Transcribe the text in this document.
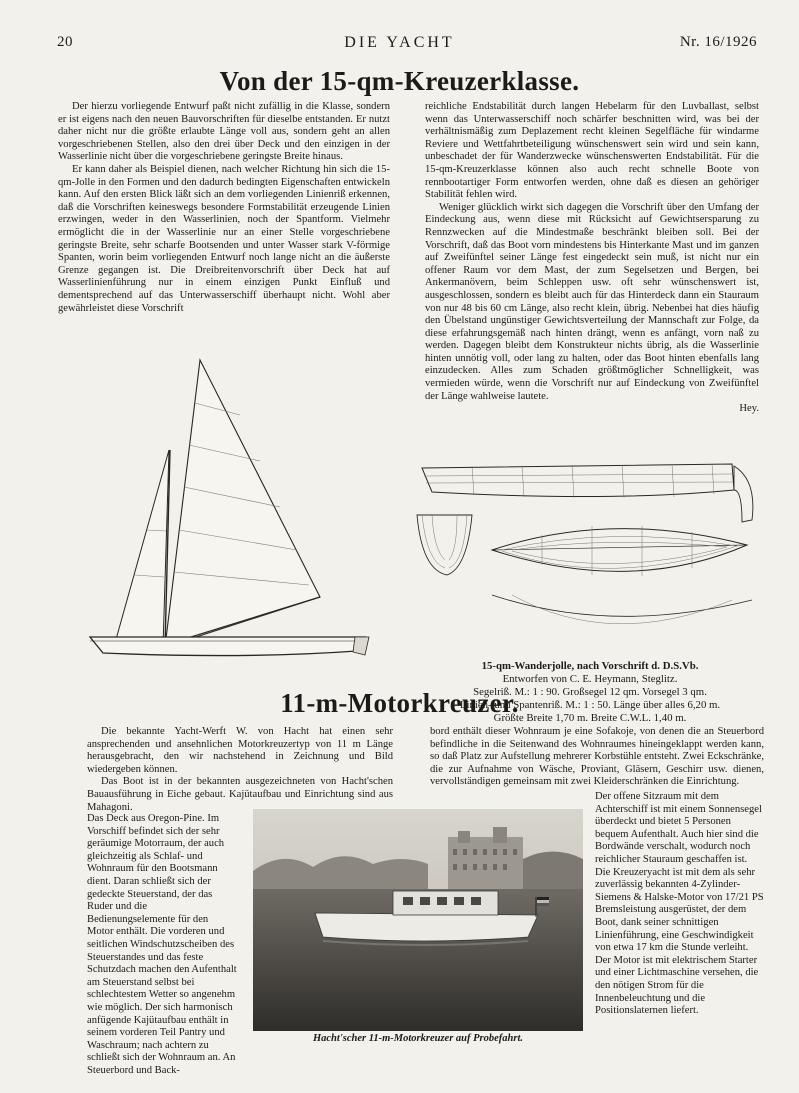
20	DIE YACHT	Nr. 16/1926
Von der 15-qm-Kreuzerklasse.

Der hierzu vorliegende Entwurf paßt nicht zufällig in die Klasse, sondern er ist eigens nach den neuen Bauvorschriften für dieselbe entstanden. Er nutzt daher nicht nur die größte erlaubte Länge voll aus, sondern geht an allen vorgeschriebenen Stellen, also den drei über Deck und den einzigen in der Wasserlinie nicht über die vorgeschriebene geringste Breite hinaus.

Er kann daher als Beispiel dienen, nach welcher Richtung hin sich die 15-qm-Jolle in den Formen und den dadurch bedingten Eigenschaften entwickeln kann. Auf den ersten Blick läßt sich an dem vorliegenden Linienriß erkennen, daß die Vorschriften keineswegs besondere Formstabilität erzeugende Linien erzwingen, weder in den Wasserlinien, noch der Spantform. Vielmehr ermöglicht die in der Wasserlinie nur an einer Stelle vorgeschriebene geringste Breite, sehr scharfe Bootsenden und unter Wasser stark V-förmige Spanten, worin beim vorliegenden Entwurf noch lange nicht an die äußerste Grenze gegangen ist. Die Dreibreitenvorschrift über Deck hat auf Wasserlinienführung nur in einem einzigen Punkt Einfluß und dementsprechend auf das Unterwasserschiff überhaupt nicht. Wohl aber gewährleistet diese Vorschrift

reichliche Endstabilität durch langen Hebelarm für den Luvballast, selbst wenn das Unterwasserschiff noch schärfer beschnitten wird, was bei der verhältnismäßig zum Deplazement recht kleinen Segelfläche für windarme Reviere und Wettfahrtbeteiligung wünschenswert sein wird und sein kann, unbeschadet der für Wanderzwecke wünschenswerten Endstabilität. Für die 15-qm-Kreuzerklasse können also auch recht schnelle Boote von rennbootartiger Form entworfen werden, ohne daß es diesen an gehöriger Stabilität fehlen wird.

Weniger glücklich wirkt sich dagegen die Vorschrift über den Umfang der Eindeckung aus, wenn diese mit Rücksicht auf Gewichtsersparung zu Rennzwecken auf die Mindestmaße beschränkt bleiben soll. Bei der Vorschrift, daß das Boot vorn mindestens bis Hinterkante Mast und im ganzen auf Zweifünftel seiner Länge fest eingedeckt sein muß, ist nicht nur ein offener Raum vor dem Mast, der zum Segelsetzen und Bergen, bei Ankermanövern, beim Schleppen usw. oft sehr wünschenswert ist, ausgeschlossen, sondern es bleibt auch für das Hinterdeck dann ein Stauraum von nur 48 bis 60 cm Länge, also recht klein, übrig. Nebenbei hat dies häufig den Übelstand ungünstiger Gewichtsverteilung der Mannschaft zur Folge, da diese erfahrungsgemäß nach hinten drängt, wenn es anfängt, vorn naß zu werden. Dagegen bleibt dem Konstrukteur nichts übrig, als die Wasserlinie hinten unnötig voll, oder lang zu halten, oder das Boot hinten ebenfalls lang einzudecken. Alles zum Schaden größtmöglicher Schnelligkeit, was vermieden würde, wenn die Vorschrift nur auf Eindeckung von Zweifünftel der Länge wahlweise lautete.

Hey.
15-qm-Wanderjolle, nach Vorschrift d. D.S.Vb.
Entworfen von C. E. Heymann, Steglitz.
Segelriß. M.: 1 : 90. Großsegel 12 qm. Vorsegel 3 qm.
Linien- und Spantenriß. M.: 1 : 50. Länge über alles 6,20 m.
Größte Breite 1,70 m. Breite C.W.L. 1,40 m.
11-m-Motorkreuzer.

Die bekannte Yacht-Werft W. von Hacht hat einen sehr ansprechenden und ansehnlichen Motorkreuzertyp von 11 m Länge herausgebracht, den wir nachstehend in Zeichnung und Bild wiedergeben können.

Das Boot ist in der bekannten ausgezeichneten von Hacht'schen Bauausführung in Eiche gebaut. Kajütaufbau und Einrichtung sind aus Mahagoni.

Das Deck aus Oregon-Pine. Im Vorschiff befindet sich der sehr geräumige Motorraum, der auch gleichzeitig als Schlaf- und Wohnraum für den Bootsmann dient. Daran schließt sich der gedeckte Steuerstand, der das Ruder und die Bedienungselemente für den Motor enthält. Die vorderen und seitlichen Windschutzscheiben des Steuerstandes und das feste Schutzdach machen den Aufenthalt am Steuerstand selbst bei schlechtestem Wetter so angenehm wie möglich. Der sich harmonisch anfügende Kajütaufbau enthält in seinem vorderen Teil Pantry und Waschraum; nach achtern zu schließt sich der Wohnraum an. An Steuerbord und Back-

bord enthält dieser Wohnraum je eine Sofakoje, von denen die an Steuerbord befindliche in die Seitenwand des Wohnraumes hineingeklappt werden kann, so daß Platz zur Aufstellung mehrerer Korbstühle entsteht. Zwei Eckschränke, die zur Aufnahme von Wäsche, Proviant, Gläsern, Geschirr usw. dienen, vervollständigen gemeinsam mit zwei Kleiderschränken die Einrichtung.

Der offene Sitzraum mit dem Achterschiff ist mit einem Sonnensegel überdeckt und bietet 5 Personen bequem Aufenthalt. Auch hier sind die Bordwände verschalt, wodurch noch reichlicher Stauraum geschaffen ist. Die Kreuzeryacht ist mit dem als sehr zuverlässig bekannten 4-Zylinder-Siemens & Halske-Motor von 17/21 PS Bremsleistung ausgerüstet, der dem Boot, dank seiner schnittigen Linienführung, eine Geschwindigkeit von etwa 17 km die Stunde verleiht. Der Motor ist mit elektrischem Starter und einer Lichtmaschine versehen, die den nötigen Strom für die Innenbeleuchtung und die Positionslaternen liefert.

Hacht'scher 11-m-Motorkreuzer auf Probefahrt.
